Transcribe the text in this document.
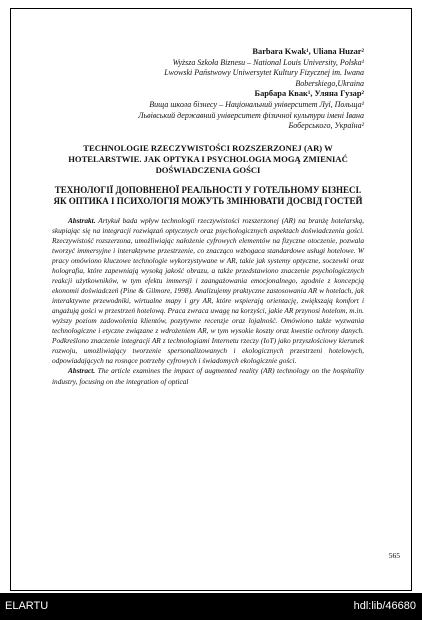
Barbara Kwak¹, Uliana Huzar²
Wyższa Szkoła Biznesu – National Louis University, Polska¹
Lwowski Państwowy Uniwersytet Kultury Fizycznej im. Iwana
Boberskiego,Ukraina
Барбара Квак¹, Уляна Гузар²
Вища школа бізнесу – Національний університет Луї, Польща¹
Львівський державний університет фізичної культури імені Івана
Боберського, Україна²
TECHNOLOGIE RZECZYWISTOŚCI ROZSZERZONEJ (AR) W HOTELARSTWIE. JAK OPTYKA I PSYCHOLOGIA MOGĄ ZMIENIAĆ DOŚWIADCZENIA GOŚCI
ТЕХНОЛОГІЇ ДОПОВНЕНОЇ РЕАЛЬНОСТІ У ГОТЕЛЬНОМУ БІЗНЕСІ. ЯК ОПТИКА І ПСИХОЛОГІЯ МОЖУТЬ ЗМІНЮВАТИ ДОСВІД ГОСТЕЙ

Abstrakt. Artykuł bada wpływ technologii rzeczywistości rozszerzonej (AR) na branżę hotelarską, skupiając się na integracji rozwiązań optycznych oraz psychologicznych aspektach doświadczenia gości. Rzeczywistość rozszerzona, umożliwiając nałożenie cyfrowych elementów na fizyczne otoczenie, pozwala tworzyć immersyjne i interaktywne przestrzenie, co znacząco wzbogaca standardowe usługi hotelowe. W pracy omówiono kluczowe technologie wykorzystywane w AR, takie jak systemy optyczne, soczewki oraz holografia, które zapewniają wysoką jakość obrazu, a także przedstawiono znaczenie psychologicznych reakcji użytkowników, w tym efektu immersji i zaangażowania emocjonalnego, zgodnie z koncepcją ekonomii doświadczeń (Pine & Gilmore, 1998). Analizujemy praktyczne zastosowania AR w hotelach, jak interaktywne przewodniki, wirtualne mapy i gry AR, które wspierają orientację, zwiększają komfort i angażują gości w przestrzeń hotelową. Praca zwraca uwagę na korzyści, jakie AR przynosi hotelom, m.in. wyższy poziom zadowolenia klientów, pozytywne recenzje oraz lojalność. Omówiono także wyzwania technologiczne i etyczne związane z wdrożeniem AR, w tym wysokie koszty oraz kwestie ochrony danych. Podkreślono znaczenie integracji AR z technologiami Internetu rzeczy (IoT) jako przyszłościowy kierunek rozwoju, umożliwiający tworzenie spersonalizowanych i ekologicznych przestrzeni hotelowych, odpowiadających na rosnące potrzeby cyfrowych i świadomych ekologicznie gości.

Abstract. The article examines the impact of augmented reality (AR) technology on the hospitality industry, focusing on the integration of optical

565
ELARTU	hdl:lib/46680
